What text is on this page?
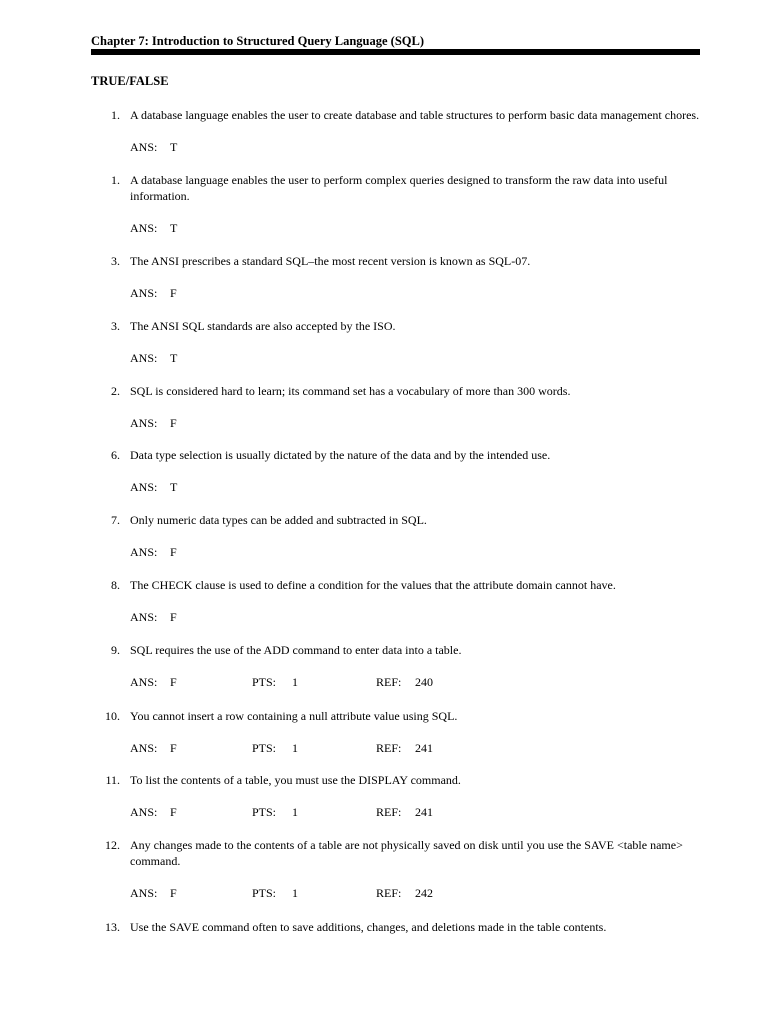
Chapter 7: Introduction to Structured Query Language (SQL)
TRUE/FALSE
1. A database language enables the user to create database and table structures to perform basic data management chores.
ANS: T
1. A database language enables the user to perform complex queries designed to transform the raw data into useful information.
ANS: T
3. The ANSI prescribes a standard SQL–the most recent version is known as SQL-07.
ANS: F
3. The ANSI SQL standards are also accepted by the ISO.
ANS: T
2. SQL is considered hard to learn; its command set has a vocabulary of more than 300 words.
ANS: F
6. Data type selection is usually dictated by the nature of the data and by the intended use.
ANS: T
7. Only numeric data types can be added and subtracted in SQL.
ANS: F
8. The CHECK clause is used to define a condition for the values that the attribute domain cannot have.
ANS: F
9. SQL requires the use of the ADD command to enter data into a table.
ANS: F	PTS: 1	REF: 240
10. You cannot insert a row containing a null attribute value using SQL.
ANS: F	PTS: 1	REF: 241
11. To list the contents of a table, you must use the DISPLAY command.
ANS: F	PTS: 1	REF: 241
12. Any changes made to the contents of a table are not physically saved on disk until you use the SAVE <table name> command.
ANS: F	PTS: 1	REF: 242
13. Use the SAVE command often to save additions, changes, and deletions made in the table contents.
